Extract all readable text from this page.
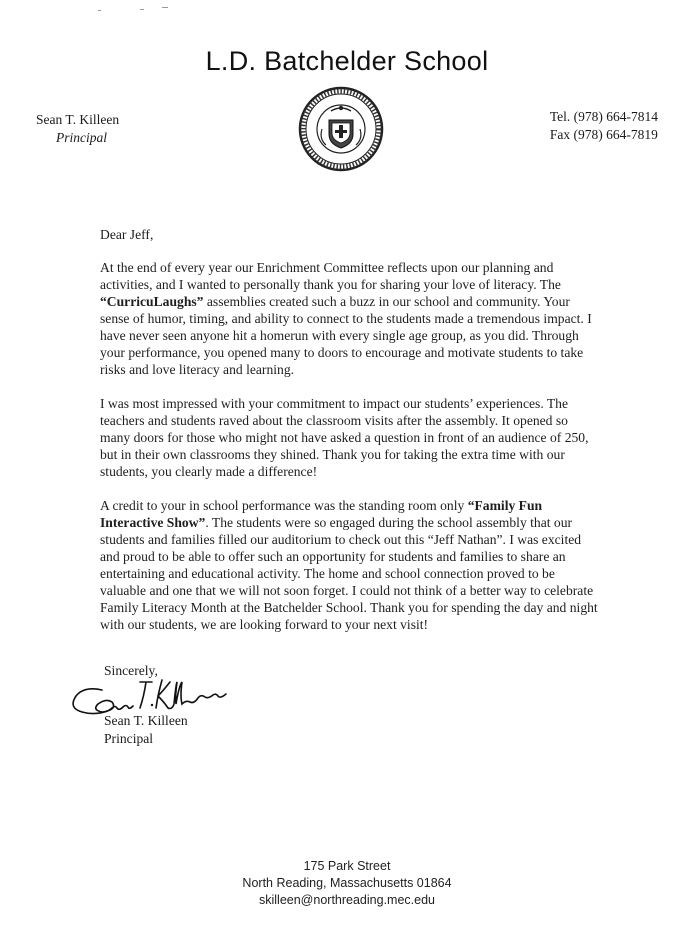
L.D. Batchelder School
Sean T. Killeen
Principal
Tel. (978) 664-7814
Fax (978) 664-7819

Dear Jeff,

At the end of every year our Enrichment Committee reflects upon our planning and activities, and I wanted to personally thank you for sharing your love of literacy. The “CurricuLaughs” assemblies created such a buzz in our school and community. Your sense of humor, timing, and ability to connect to the students made a tremendous impact. I have never seen anyone hit a homerun with every single age group, as you did. Through your performance, you opened many to doors to encourage and motivate students to take risks and love literacy and learning.

I was most impressed with your commitment to impact our students’ experiences. The teachers and students raved about the classroom visits after the assembly. It opened so many doors for those who might not have asked a question in front of an audience of 250, but in their own classrooms they shined. Thank you for taking the extra time with our students, you clearly made a difference!

A credit to your in school performance was the standing room only “Family Fun Interactive Show”. The students were so engaged during the school assembly that our students and families filled our auditorium to check out this “Jeff Nathan”. I was excited and proud to be able to offer such an opportunity for students and families to share an entertaining and educational activity. The home and school connection proved to be valuable and one that we will not soon forget. I could not think of a better way to celebrate Family Literacy Month at the Batchelder School. Thank you for spending the day and night with our students, we are looking forward to your next visit!

Sincerely,
Sean T. Killeen
Principal
175 Park Street
North Reading, Massachusetts 01864
skilleen@northreading.mec.edu
